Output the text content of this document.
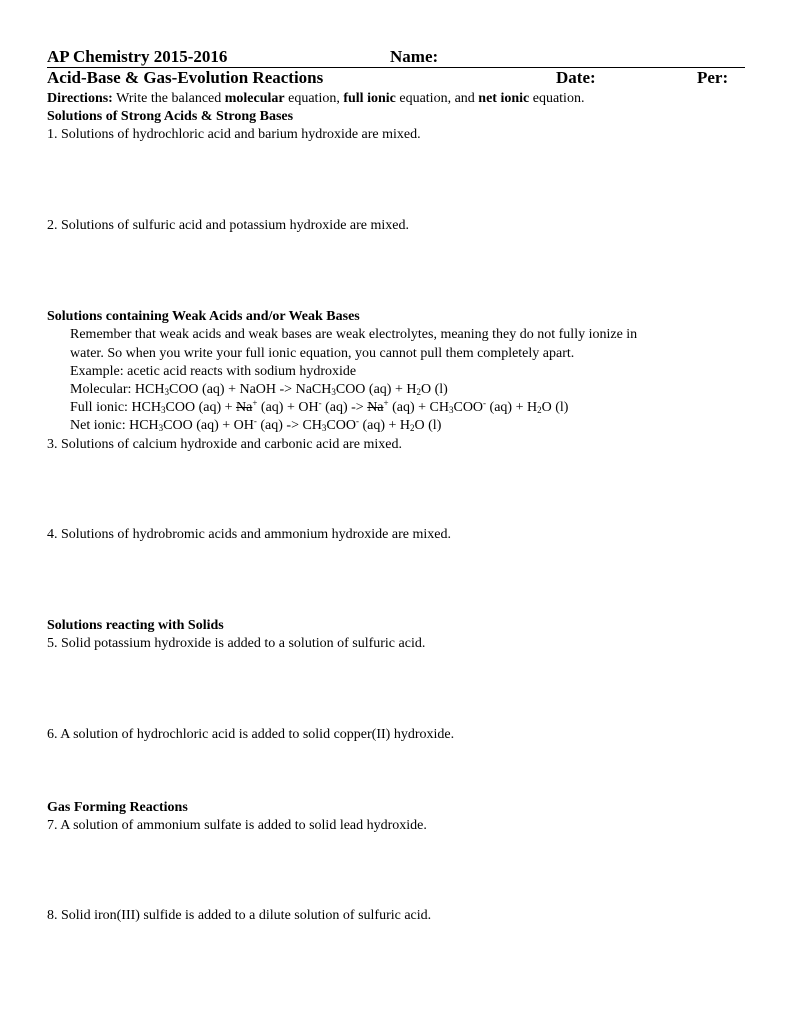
AP Chemistry 2015-2016	Name:
Acid-Base & Gas-Evolution Reactions	Date:	Per:
Directions: Write the balanced molecular equation, full ionic equation, and net ionic equation.
Solutions of Strong Acids & Strong Bases
1. Solutions of hydrochloric acid and barium hydroxide are mixed.
2. Solutions of sulfuric acid and potassium hydroxide are mixed.
Solutions containing Weak Acids and/or Weak Bases
Remember that weak acids and weak bases are weak electrolytes, meaning they do not fully ionize in
water. So when you write your full ionic equation, you cannot pull them completely apart.
Example: acetic acid reacts with sodium hydroxide
Molecular: $HCH_3COO$ (aq) + NaOH -> NaCH$_3$COO $(aq) + H_2O$ (l)
Full ionic: $HCH_3COO$ (aq) + Na+ (aq) + OH- (aq) -> Na+ $(aq) + CH_3COO^-$ $(aq) + H_2O$ (l)
Net ionic: $HCH_3COO$ (aq) + OH- $(aq) -> CH_3COO^-$ $(aq) + H_2O$ (l)
3. Solutions of calcium hydroxide and carbonic acid are mixed.
4. Solutions of hydrobromic acids and ammonium hydroxide are mixed.
Solutions reacting with Solids
5. Solid potassium hydroxide is added to a solution of sulfuric acid.
6. A solution of hydrochloric acid is added to solid copper(II) hydroxide.
Gas Forming Reactions
7. A solution of ammonium sulfate is added to solid lead hydroxide.
8. Solid iron(III) sulfide is added to a dilute solution of sulfuric acid.
